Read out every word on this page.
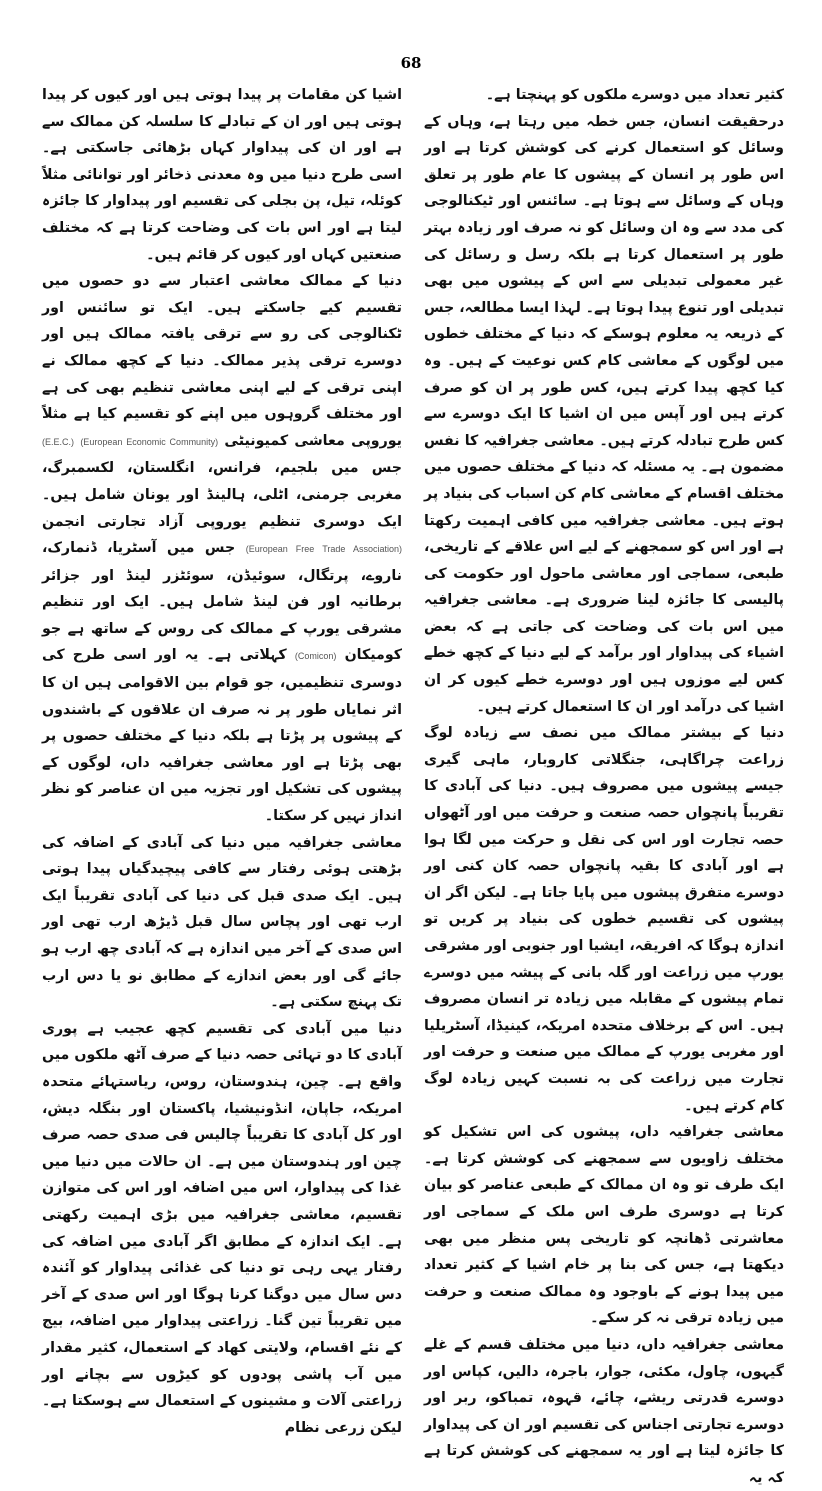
68

کثیر تعداد میں دوسرے ملکوں کو پہنچتا ہے۔

درحقیقت انسان، جس خطہ میں رہتا ہے، وہاں کے وسائل کو استعمال کرنے کی کوشش کرتا ہے اور اس طور پر انسان کے پیشوں کا عام طور پر تعلق وہاں کے وسائل سے ہوتا ہے۔ سائنس اور ٹیکنالوجی کی مدد سے وہ ان وسائل کو نہ صرف اور زیادہ بہتر طور پر استعمال کرتا ہے بلکہ رسل و رسائل کی غیر معمولی تبدیلی سے اس کے پیشوں میں بھی تبدیلی اور تنوع پیدا ہوتا ہے۔ لہذا ایسا مطالعہ، جس کے ذریعہ یہ معلوم ہوسکے کہ دنیا کے مختلف خطوں میں لوگوں کے معاشی کام کس نوعیت کے ہیں۔ وہ کیا کچھ پیدا کرتے ہیں، کس طور پر ان کو صرف کرتے ہیں اور آپس میں ان اشیا کا ایک دوسرے سے کس طرح تبادلہ کرتے ہیں۔ معاشی جغرافیہ کا نفس مضمون ہے۔ یہ مسئلہ کہ دنیا کے مختلف حصوں میں مختلف اقسام کے معاشی کام کن اسباب کی بنیاد پر ہوتے ہیں۔ معاشی جغرافیہ میں کافی اہمیت رکھتا ہے اور اس کو سمجھنے کے لیے اس علاقے کے تاریخی، طبعی، سماجی اور معاشی ماحول اور حکومت کی پالیسی کا جائزہ لینا ضروری ہے۔ معاشی جغرافیہ میں اس بات کی وضاحت کی جاتی ہے کہ بعض اشیاء کی پیداوار اور برآمد کے لیے دنیا کے کچھ خطے کس لیے موزوں ہیں اور دوسرے خطے کیوں کر ان اشیا کی درآمد اور ان کا استعمال کرتے ہیں۔

دنیا کے بیشتر ممالک میں نصف سے زیادہ لوگ زراعت چراگاہی، جنگلاتی کاروبار، ماہی گیری جیسے پیشوں میں مصروف ہیں۔ دنیا کی آبادی کا تقریباً پانچواں حصہ صنعت و حرفت میں اور آٹھواں حصہ تجارت اور اس کی نقل و حرکت میں لگا ہوا ہے اور آبادی کا بقیہ پانچواں حصہ کان کنی اور دوسرے متفرق پیشوں میں پایا جاتا ہے۔ لیکن اگر ان پیشوں کی تقسیم خطوں کی بنیاد پر کریں تو اندازہ ہوگا کہ افریقہ، ایشیا اور جنوبی اور مشرقی یورپ میں زراعت اور گلہ بانی کے پیشہ میں دوسرے تمام پیشوں کے مقابلہ میں زیادہ تر انسان مصروف ہیں۔ اس کے برخلاف متحدہ امریکہ، کینیڈا، آسٹریلیا اور مغربی یورپ کے ممالک میں صنعت و حرفت اور تجارت میں زراعت کی بہ نسبت کہیں زیادہ لوگ کام کرتے ہیں۔

معاشی جغرافیہ داں، پیشوں کی اس تشکیل کو مختلف زاویوں سے سمجھنے کی کوشش کرتا ہے۔ ایک طرف تو وہ ان ممالک کے طبعی عناصر کو بیان کرتا ہے دوسری طرف اس ملک کے سماجی اور معاشرتی ڈھانچہ کو تاریخی پس منظر میں بھی دیکھتا ہے، جس کی بنا پر خام اشیا کے کثیر تعداد میں پیدا ہونے کے باوجود وہ ممالک صنعت و حرفت میں زیادہ ترقی نہ کر سکے۔

معاشی جغرافیہ داں، دنیا میں مختلف قسم کے غلے گیہوں، چاول، مکئی، جوار، باجرہ، دالیں، کپاس اور دوسرے قدرتی ریشے، چائے، قہوہ، تمباکو، ربر اور دوسرے تجارتی اجناس کی تقسیم اور ان کی پیداوار کا جائزہ لیتا ہے اور یہ سمجھنے کی کوشش کرتا ہے کہ یہ

اشیا کن مقامات پر پیدا ہوتی ہیں اور کیوں کر پیدا ہوتی ہیں اور ان کے تبادلے کا سلسلہ کن ممالک سے ہے اور ان کی پیداوار کہاں بڑھائی جاسکتی ہے۔ اسی طرح دنیا میں وہ معدنی ذخائر اور توانائی مثلاً کوئلہ، تیل، پن بجلی کی تقسیم اور پیداوار کا جائزہ لیتا ہے اور اس بات کی وضاحت کرتا ہے کہ مختلف صنعتیں کہاں اور کیوں کر قائم ہیں۔

دنیا کے ممالک معاشی اعتبار سے دو حصوں میں تقسیم کیے جاسکتے ہیں۔ ایک تو سائنس اور ٹکنالوجی کی رو سے ترقی یافتہ ممالک ہیں اور دوسرے ترقی پذیر ممالک۔ دنیا کے کچھ ممالک نے اپنی ترقی کے لیے اپنی معاشی تنظیم بھی کی ہے اور مختلف گروہوں میں اپنے کو تقسیم کیا ہے مثلاً یوروپی معاشی کمیونیٹی (E.E.C.) (European Economic Community) جس میں بلجیم، فرانس، انگلستان، لکسمبرگ، مغربی جرمنی، اٹلی، ہالینڈ اور یونان شامل ہیں۔ ایک دوسری تنظیم یوروپی آزاد تجارتی انجمن (European Free Trade Association) جس میں آسٹریا، ڈنمارک، ناروے، پرتگال، سوئیڈن، سوئٹزر لینڈ اور جزائر برطانیہ اور فن لینڈ شامل ہیں۔ ایک اور تنظیم مشرقی یورپ کے ممالک کی روس کے ساتھ ہے جو کومیکان (Comicon) کہلاتی ہے۔ یہ اور اسی طرح کی دوسری تنظیمیں، جو قوام بین الاقوامی ہیں ان کا اثر نمایاں طور پر نہ صرف ان علاقوں کے باشندوں کے پیشوں پر پڑتا ہے بلکہ دنیا کے مختلف حصوں پر بھی پڑتا ہے اور معاشی جغرافیہ داں، لوگوں کے پیشوں کی تشکیل اور تجزیہ میں ان عناصر کو نظر انداز نہیں کر سکتا۔

معاشی جغرافیہ میں دنیا کی آبادی کے اضافہ کی بڑھتی ہوئی رفتار سے کافی پیچیدگیاں پیدا ہوتی ہیں۔ ایک صدی قبل کی دنیا کی آبادی تقریباً ایک ارب تھی اور پچاس سال قبل ڈیڑھ ارب تھی اور اس صدی کے آخر میں اندازہ ہے کہ آبادی چھ ارب ہو جائے گی اور بعض اندازے کے مطابق نو یا دس ارب تک پہنچ سکتی ہے۔

دنیا میں آبادی کی تقسیم کچھ عجیب ہے پوری آبادی کا دو تہائی حصہ دنیا کے صرف آٹھ ملکوں میں واقع ہے۔ چین، ہندوستان، روس، ریاستہائے متحدہ امریکہ، جاپان، انڈونیشیا، پاکستان اور بنگلہ دیش، اور کل آبادی کا تقریباً چالیس فی صدی حصہ صرف چین اور ہندوستان میں ہے۔ ان حالات میں دنیا میں غذا کی پیداوار، اس میں اضافہ اور اس کی متوازن تقسیم، معاشی جغرافیہ میں بڑی اہمیت رکھتی ہے۔ ایک اندازہ کے مطابق اگر آبادی میں اضافہ کی رفتار یہی رہی تو دنیا کی غذائی پیداوار کو آئندہ دس سال میں دوگنا کرنا ہوگا اور اس صدی کے آخر میں تقریباً تین گنا۔ زراعتی پیداوار میں اضافہ، بیج کے نئے اقسام، ولایتی کھاد کے استعمال، کثیر مقدار میں آب پاشی پودوں کو کیڑوں سے بچانے اور زراعتی آلات و مشینوں کے استعمال سے ہوسکتا ہے۔ لیکن زرعی نظام
